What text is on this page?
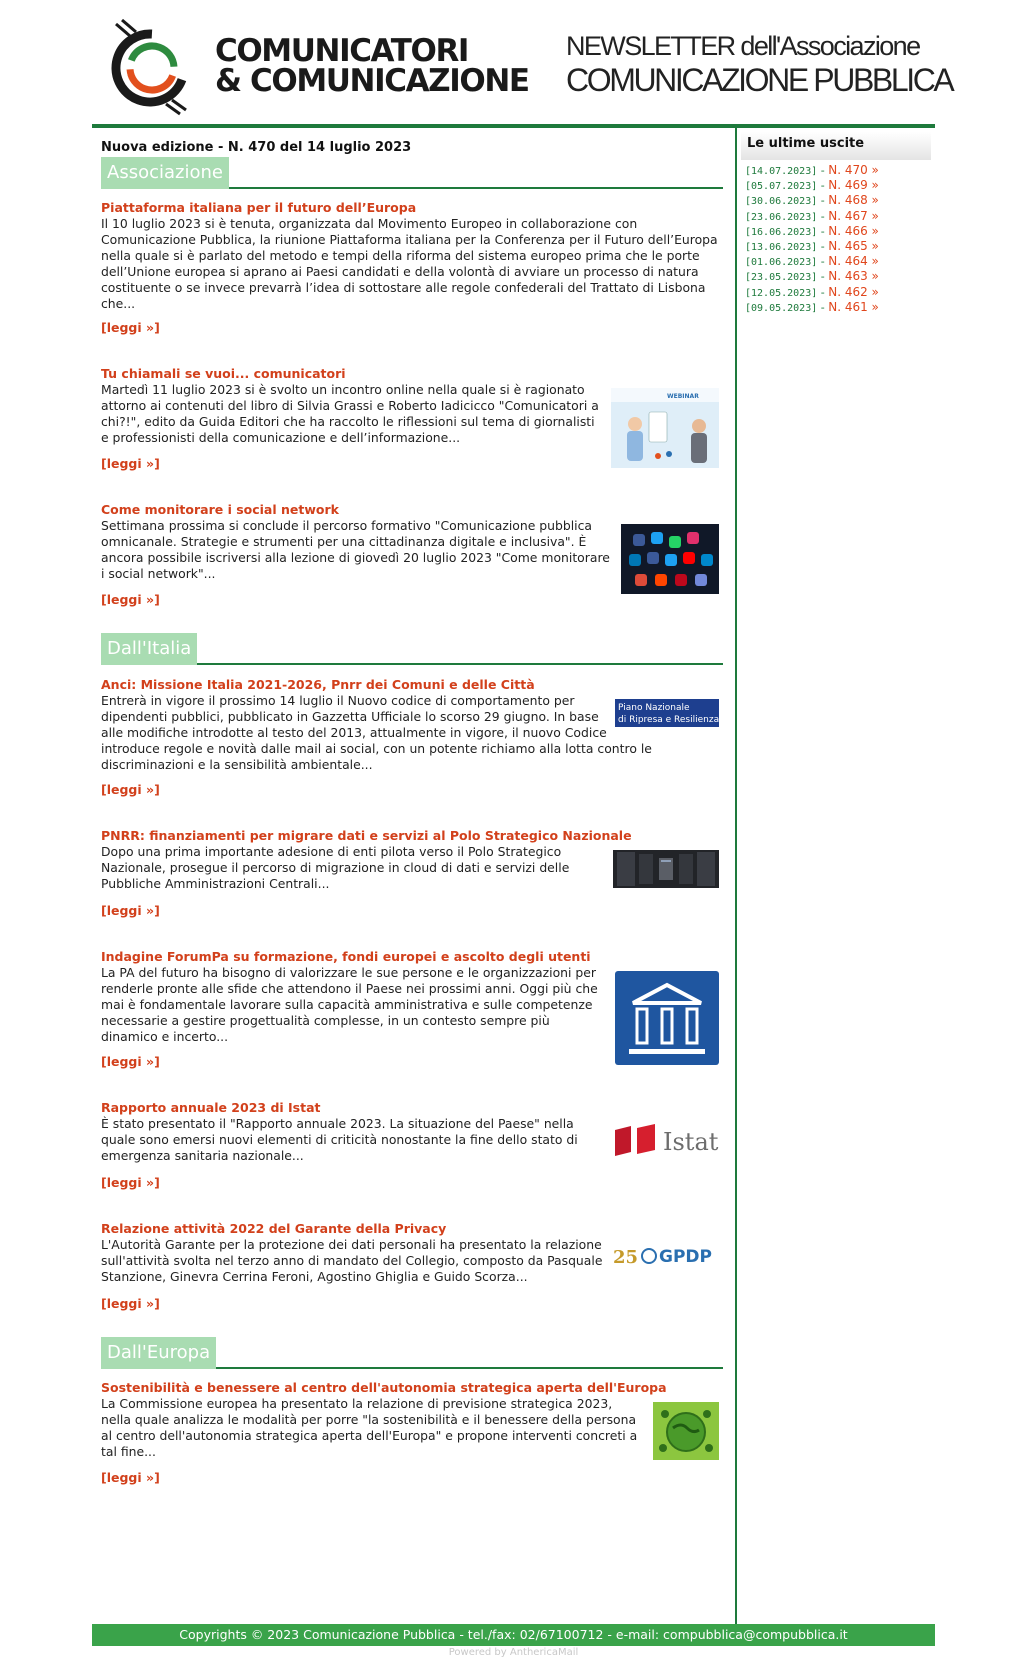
COMUNICATORI
& COMUNICAZIONE
NEWSLETTER dell'Associazione
COMUNICAZIONE PUBBLICA
Nuova edizione - N. 470 del 14 luglio 2023
Associazione
Piattaforma italiana per il futuro dell’Europa
Il 10 luglio 2023 si è tenuta, organizzata dal Movimento Europeo in collaborazione con Comunicazione Pubblica, la riunione Piattaforma italiana per la Conferenza per il Futuro dell’Europa nella quale si è parlato del metodo e tempi della riforma del sistema europeo prima che le porte dell’Unione europea si aprano ai Paesi candidati e della volontà di avviare un processo di natura costituente o se invece prevarrà l’idea di sottostare alle regole confederali del Trattato di Lisbona che...
[leggi »]
Tu chiamali se vuoi... comunicatori
WEBINAR
Martedì 11 luglio 2023 si è svolto un incontro online nella quale si è ragionato attorno ai contenuti del libro di Silvia Grassi e Roberto Iadicicco "Comunicatori a chi?!", edito da Guida Editori che ha raccolto le riflessioni sul tema di giornalisti e professionisti della comunicazione e dell’informazione...
[leggi »]
Come monitorare i social network
Settimana prossima si conclude il percorso formativo "Comunicazione pubblica omnicanale. Strategie e strumenti per una cittadinanza digitale e inclusiva". È ancora possibile iscriversi alla lezione di giovedì 20 luglio 2023 "Come monitorare i social network"...
[leggi »]
Dall'Italia
Anci: Missione Italia 2021-2026, Pnrr dei Comuni e delle Città
Piano Nazionale
di Ripresa e Resilienza
Entrerà in vigore il prossimo 14 luglio il Nuovo codice di comportamento per dipendenti pubblici, pubblicato in Gazzetta Ufficiale lo scorso 29 giugno. In base alle modifiche introdotte al testo del 2013, attualmente in vigore, il nuovo Codice introduce regole e novità dalle mail ai social, con un potente richiamo alla lotta contro le discriminazioni e la sensibilità ambientale...
[leggi »]
PNRR: finanziamenti per migrare dati e servizi al Polo Strategico Nazionale
Dopo una prima importante adesione di enti pilota verso il Polo Strategico Nazionale, prosegue il percorso di migrazione in cloud di dati e servizi delle Pubbliche Amministrazioni Centrali...
[leggi »]
Indagine ForumPa su formazione, fondi europei e ascolto degli utenti
La PA del futuro ha bisogno di valorizzare le sue persone e le organizzazioni per renderle pronte alle sfide che attendono il Paese nei prossimi anni. Oggi più che mai è fondamentale lavorare sulla capacità amministrativa e sulle competenze necessarie a gestire progettualità complesse, in un contesto sempre più dinamico e incerto...
[leggi »]
Rapporto annuale 2023 di Istat
Istat
È stato presentato il "Rapporto annuale 2023. La situazione del Paese" nella quale sono emersi nuovi elementi di criticità nonostante la fine dello stato di emergenza sanitaria nazionale...
[leggi »]
Relazione attività 2022 del Garante della Privacy
25 GPDP
L'Autorità Garante per la protezione dei dati personali ha presentato la relazione sull'attività svolta nel terzo anno di mandato del Collegio, composto da Pasquale Stanzione, Ginevra Cerrina Feroni, Agostino Ghiglia e Guido Scorza...
[leggi »]
Dall'Europa
Sostenibilità e benessere al centro dell'autonomia strategica aperta dell'Europa
La Commissione europea ha presentato la relazione di previsione strategica 2023, nella quale analizza le modalità per porre "la sostenibilità e il benessere della persona al centro dell'autonomia strategica aperta dell'Europa" e propone interventi concreti a tal fine...
[leggi »]
Le ultime uscite
[14.07.2023] - N. 470 »
[05.07.2023] - N. 469 »
[30.06.2023] - N. 468 »
[23.06.2023] - N. 467 »
[16.06.2023] - N. 466 »
[13.06.2023] - N. 465 »
[01.06.2023] - N. 464 »
[23.05.2023] - N. 463 »
[12.05.2023] - N. 462 »
[09.05.2023] - N. 461 »
Copyrights © 2023 Comunicazione Pubblica - tel./fax: 02/67100712 - e-mail: compubblica@compubblica.it
Powered by AnthericaMail
